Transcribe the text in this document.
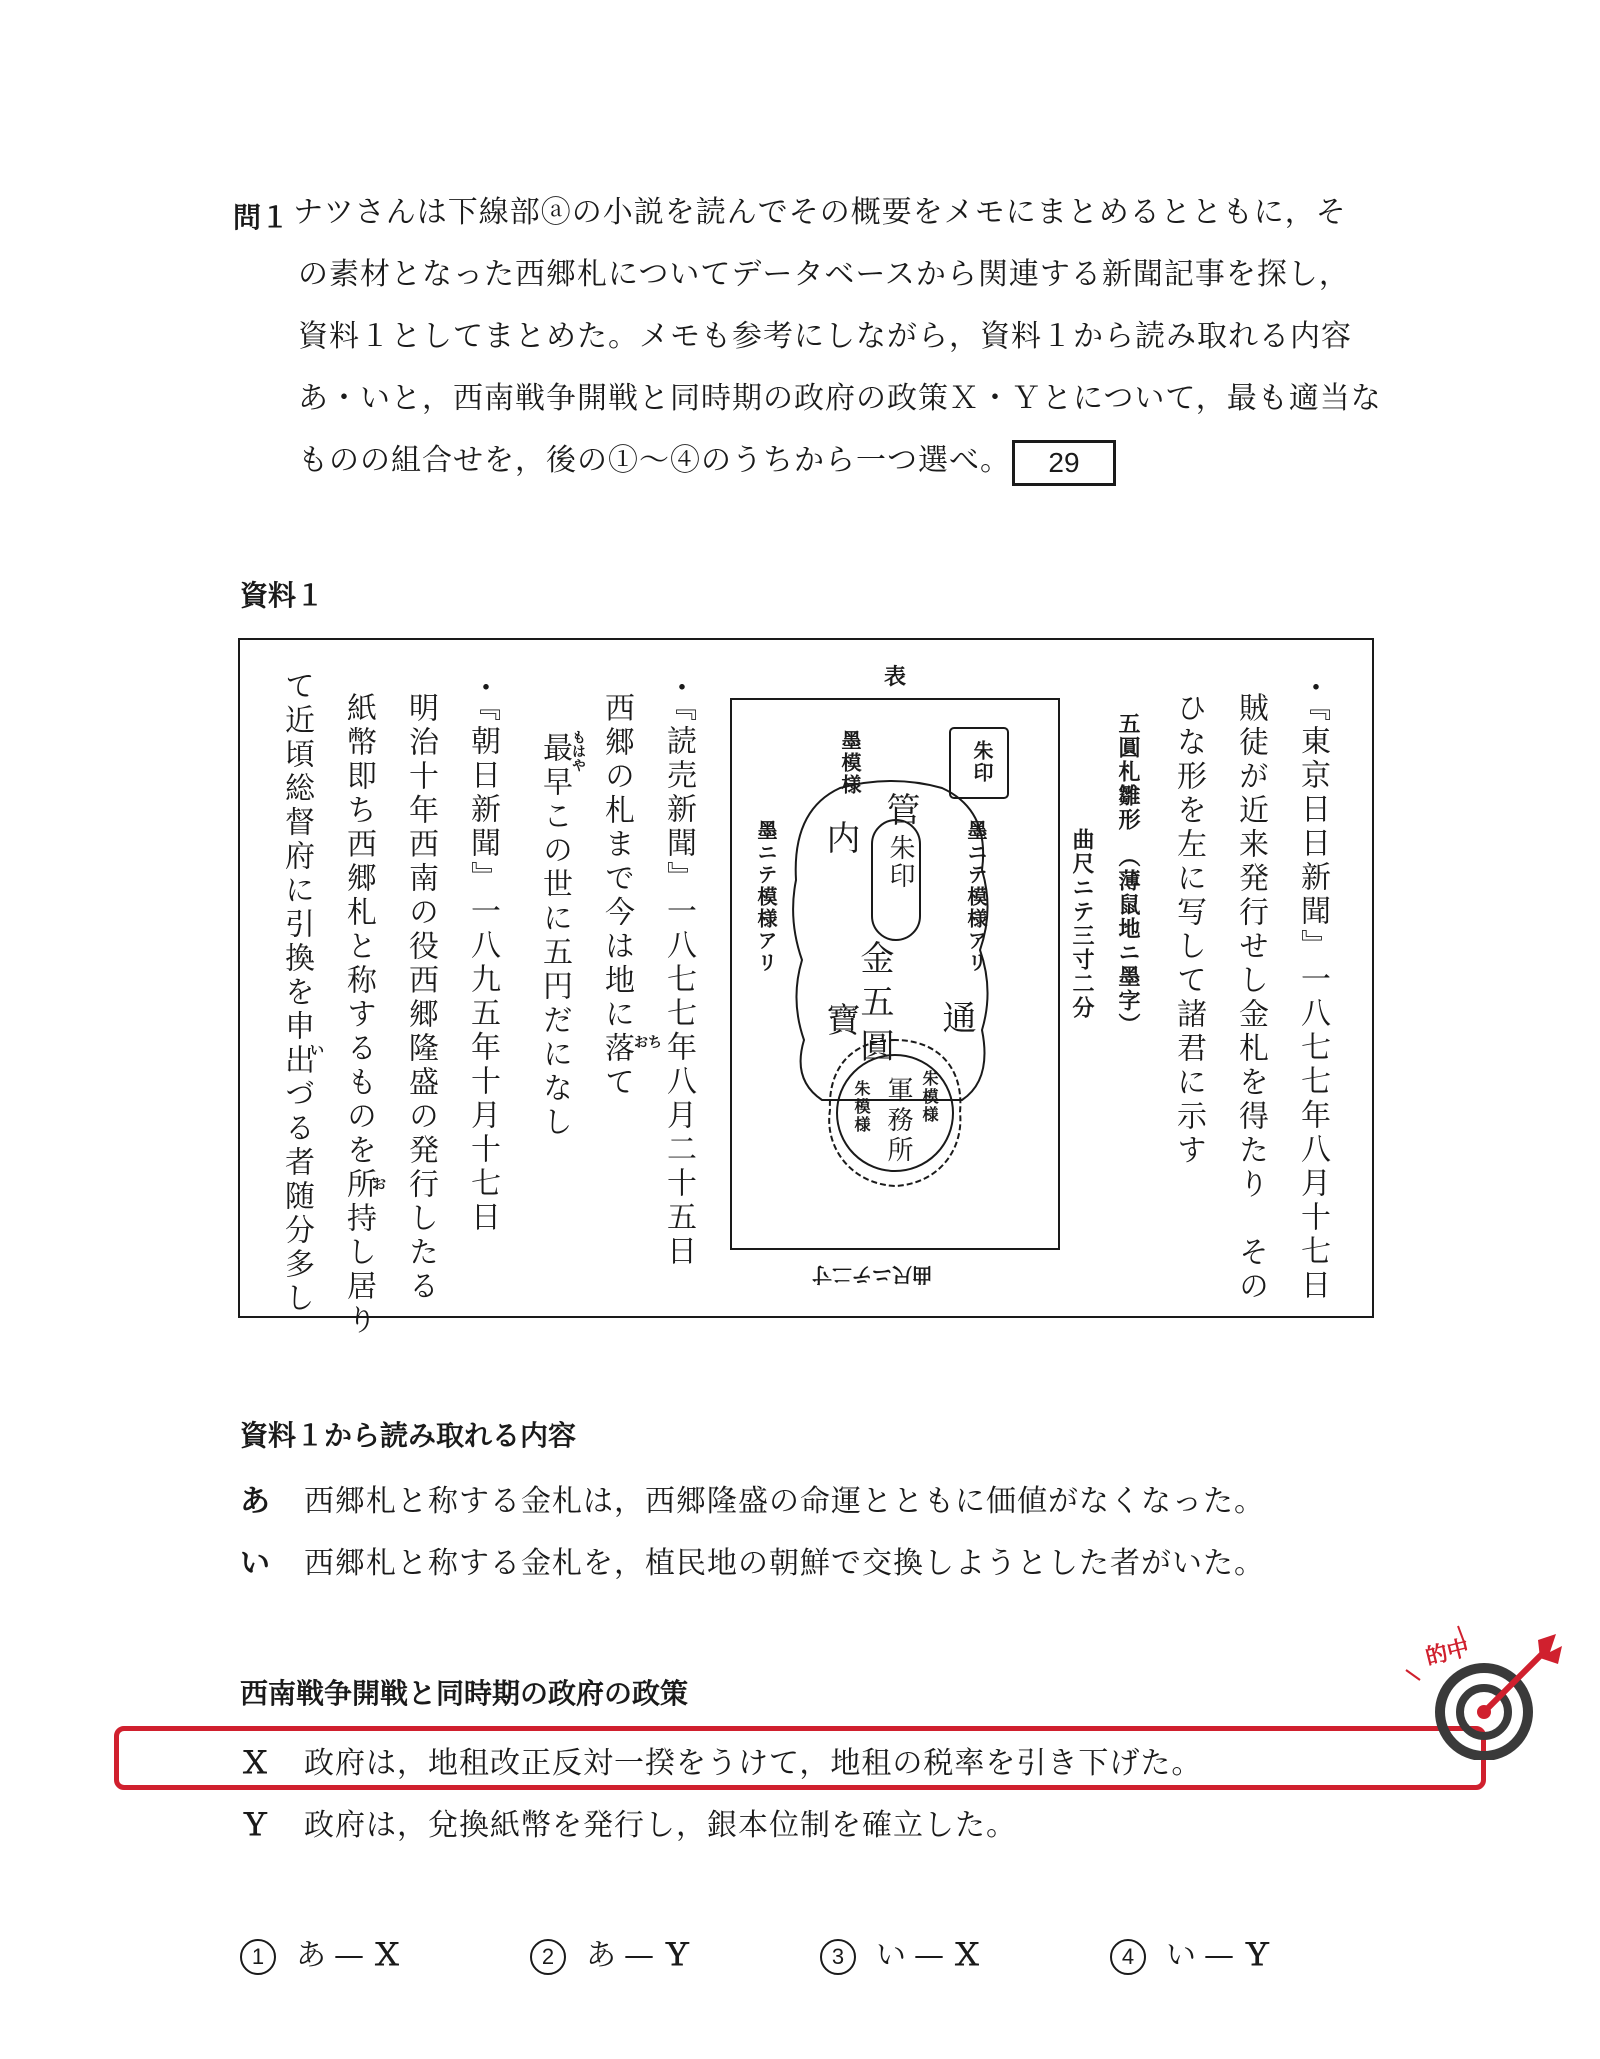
問１ ナツさんは下線部ⓐの小説を読んでその概要をメモにまとめるとともに，そ
の素材となった西郷札についてデータベースから関連する新聞記事を探し，
資料１としてまとめた。メモも参考にしながら，資料１から読み取れる内容
あ・いと，西南戦争開戦と同時期の政府の政策Ｘ・Ｙとについて，最も適当な
ものの組合せを，後の①〜④のうちから一つ選べ。	29
資料１
・『東京日日新聞』一八七七年八月十七日
賊徒が近来発行せし金札を得たり　その
ひな形を左に写して諸君に示す
五圓札雛形　（薄鼠地ニ墨字）
曲尺ニテ三寸二分
・『読売新聞』一八七七年八月二十五日
西郷の札まで今は地に落て
最早この世に五円だになし	おち
もはや
・『朝日新聞』一八九五年十月十七日
明治十年西南の役西郷隆盛の発行したる
紙幣即ち西郷札と称するものを所持し居り
て近頃総督府に引換を申出づる者随分多し	お
い
表
朱印
墨模様
墨ニテ模様アリ
墨ニテ模様アリ
管
朱印
金五圓 通
内
寶
軍務所 朱模様
朱模様
曲尺ニテ二寸
資料１から読み取れる内容
あ 西郷札と称する金札は，西郷隆盛の命運とともに価値がなくなった。
い 西郷札と称する金札を，植民地の朝鮮で交換しようとした者がいた。
西南戦争開戦と同時期の政府の政策
Ｘ 政府は，地租改正反対一揆をうけて，地租の税率を引き下げた。
Ｙ 政府は，兌換紙幣を発行し，銀本位制を確立した。
的中
1 あ — Ｘ	2 あ — Ｙ	3 い — Ｘ	4 い — Ｙ
